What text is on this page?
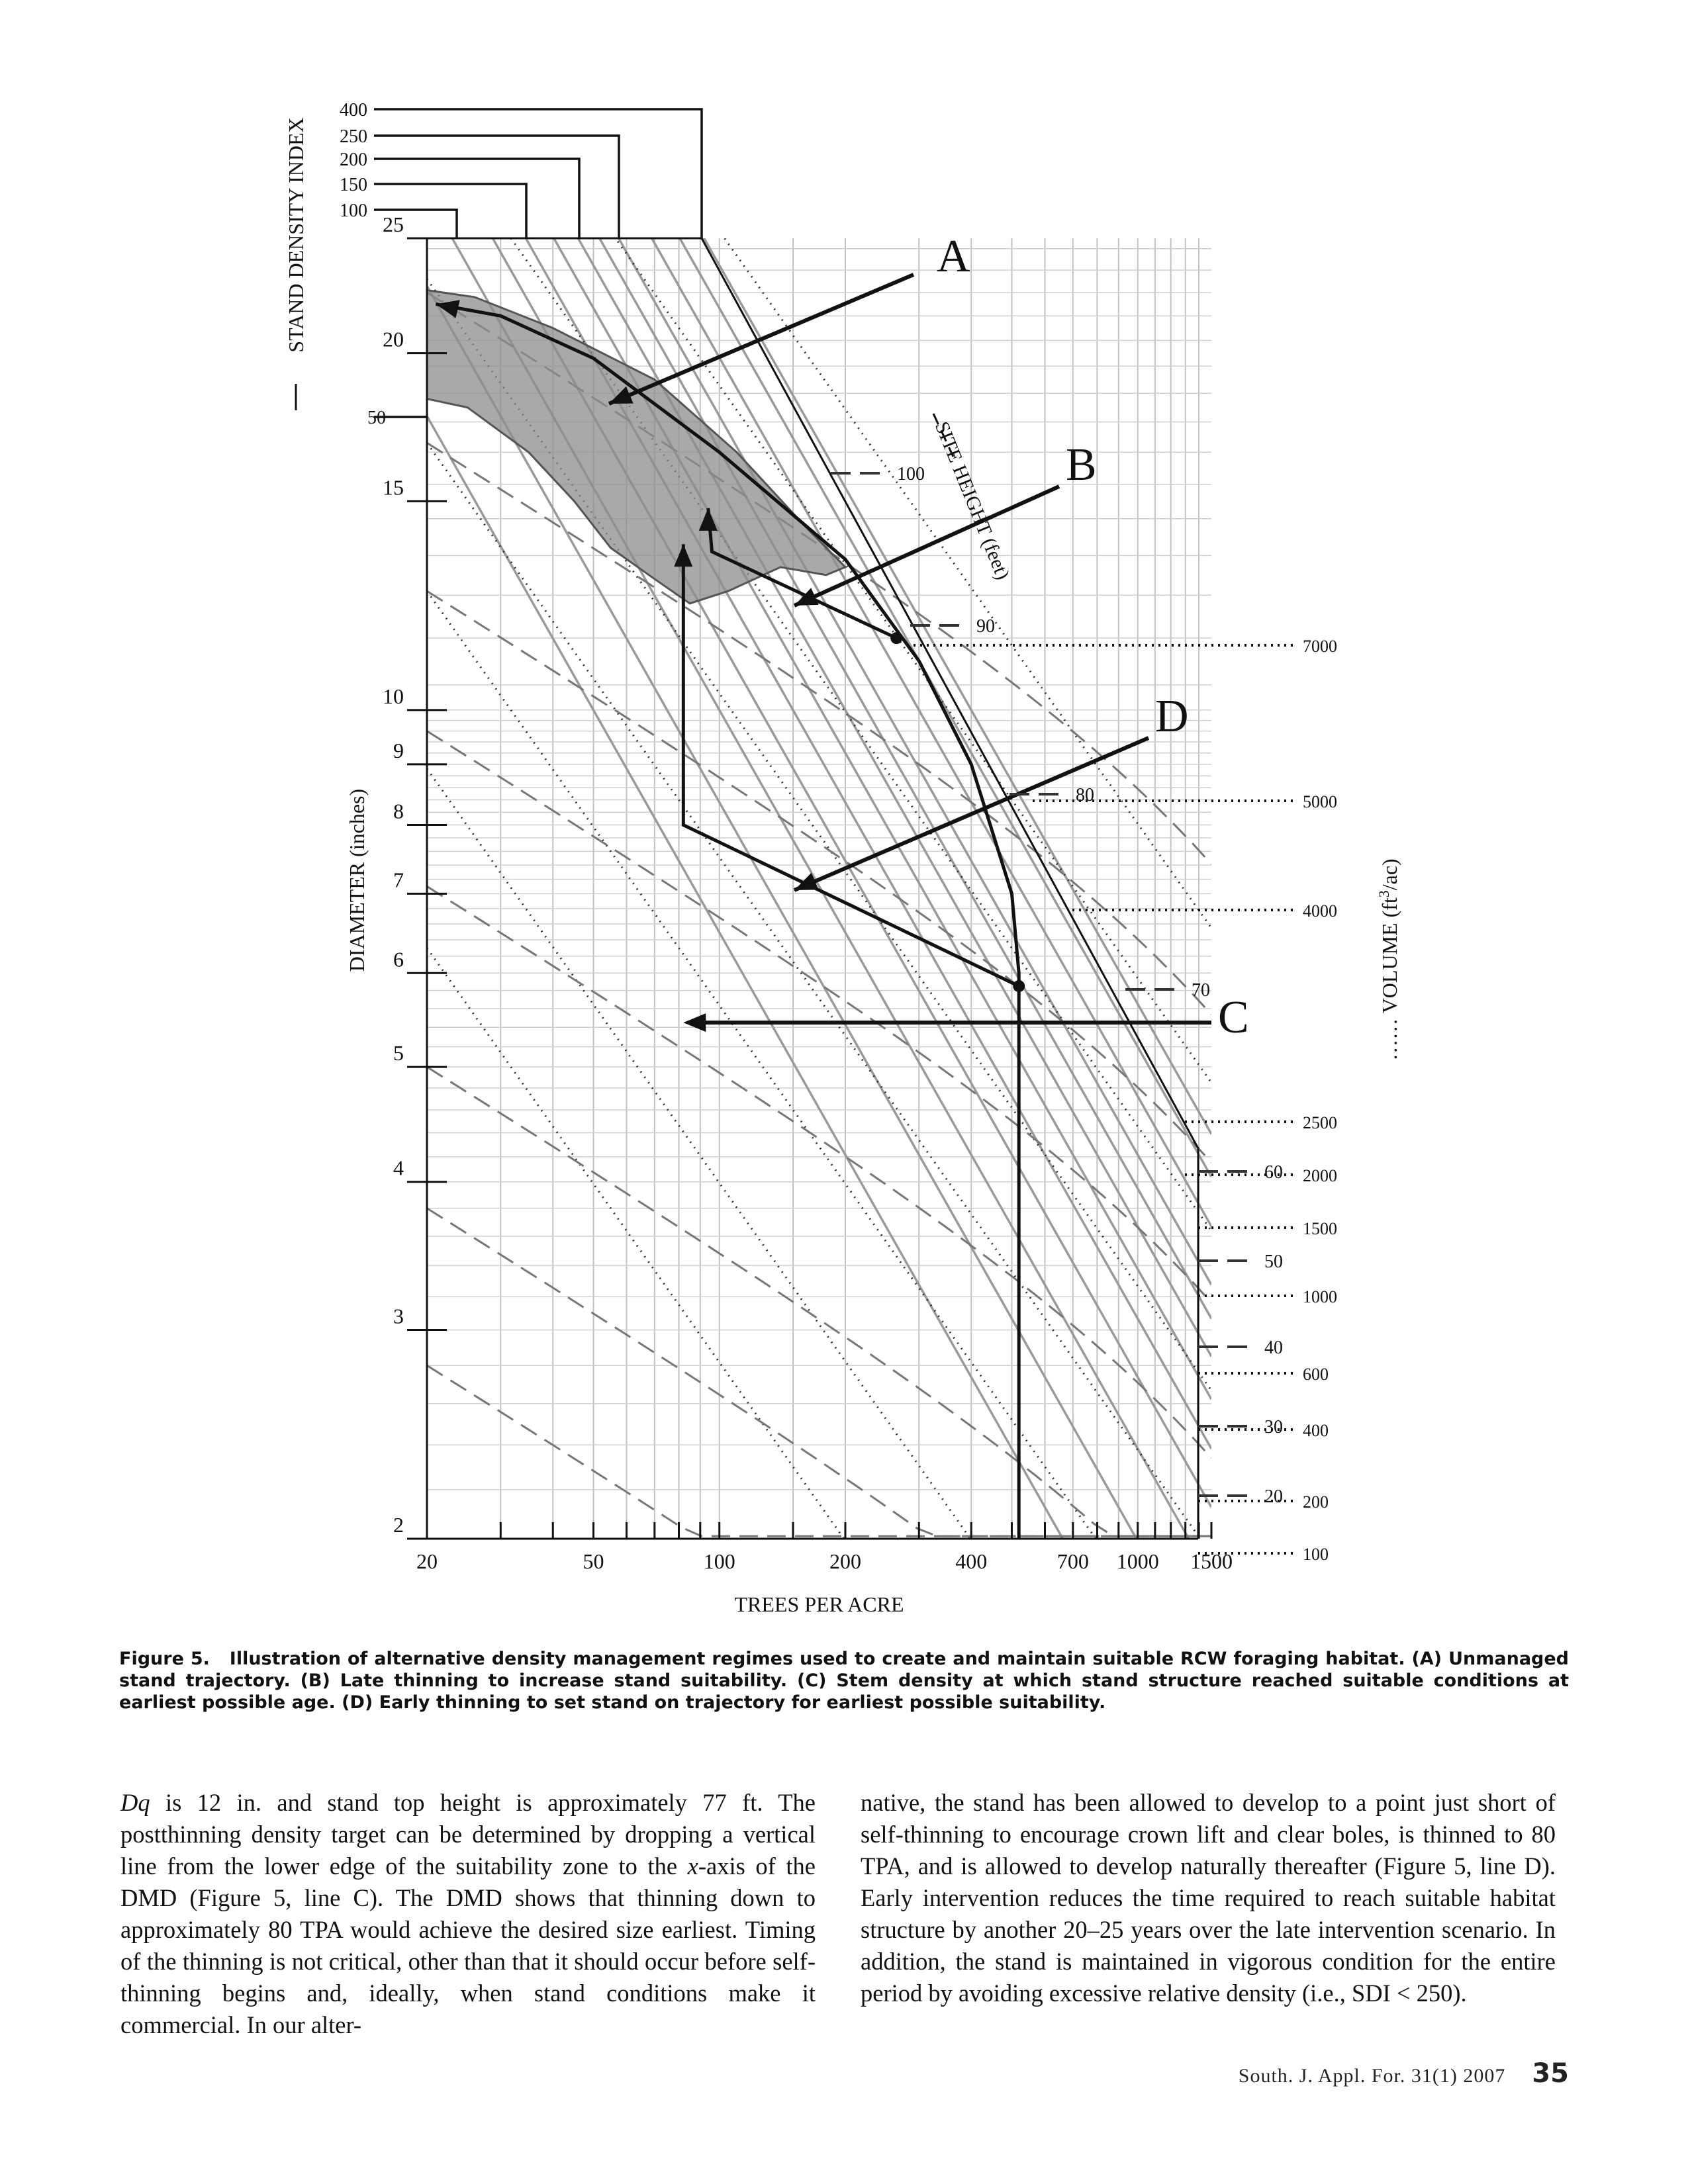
A
B
D
C
20	50	100	200	400	700 1000 1500
TREES PER ACRE
2
3
4
5
6
7
8
9
10
15
20
25
DIAMETER (inches)
400
250
200
150
100
50
STAND DENSITY INDEX
100
90
80
70
60
50
40
30
20
SITE HEIGHT (feet)
7000
5000
4000
2500
2000
1500
1000
600
400
200
100
…… VOLUME $(ft^3/ac)$
Figure 5. Illustration of alternative density management regimes used to create and maintain suitable RCW foraging habitat. (A) Unmanaged stand trajectory. (B) Late thinning to increase stand suitability. (C) Stem density at which stand structure reached suitable conditions at earliest possible age. (D) Early thinning to set stand on trajectory for earliest possible suitability.

Dq is 12 in. and stand top height is approximately 77 ft. The postthinning density target can be determined by dropping a vertical line from the lower edge of the suitability zone to the x-axis of the DMD (Figure 5, line C). The DMD shows that thinning down to approximately 80 TPA would achieve the desired size earliest. Timing of the thinning is not critical, other than that it should occur before self-thinning begins and, ideally, when stand conditions make it commercial. In our alter-

native, the stand has been allowed to develop to a point just short of self-thinning to encourage crown lift and clear boles, is thinned to 80 TPA, and is allowed to develop naturally thereafter (Figure 5, line D). Early intervention reduces the time required to reach suitable habitat structure by another 20–25 years over the late intervention scenario. In addition, the stand is maintained in vigorous condition for the entire period by avoiding excessive relative density (i.e., SDI < 250).

South. J. Appl. For. 31(1) 2007 35
